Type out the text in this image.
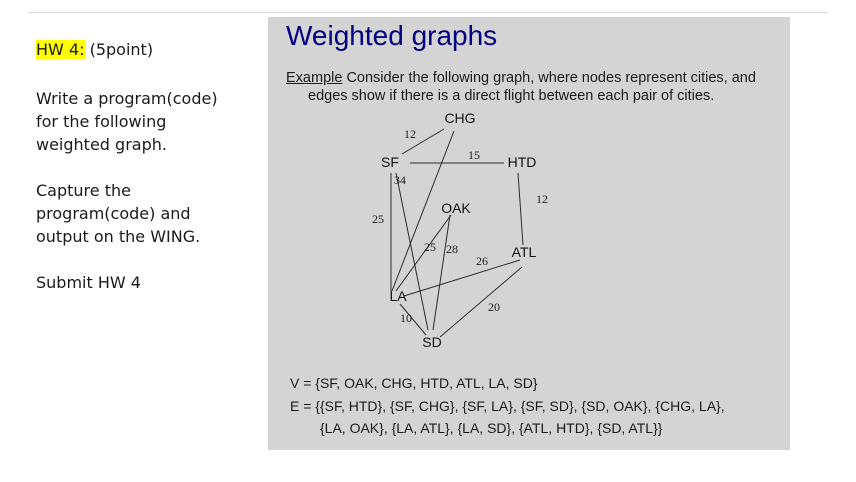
HW 4: (5point)
Write a program(code)
for the following
weighted graph.
Capture the
program(code) and
output on the WING.
Submit HW 4
Weighted graphs
Example Consider the following graph, where nodes represent cities, and
edges show if there is a direct flight between each pair of cities.
12
15
25
34
25 28
26
12
20
10
CHG
SF	HTD
OAK
ATL
LA
SD
V = {SF, OAK, CHG, HTD, ATL, LA, SD}
E = {{SF, HTD}, {SF, CHG}, {SF, LA}, {SF, SD}, {SD, OAK}, {CHG, LA},
{LA, OAK}, {LA, ATL}, {LA, SD}, {ATL, HTD}, {SD, ATL}}
